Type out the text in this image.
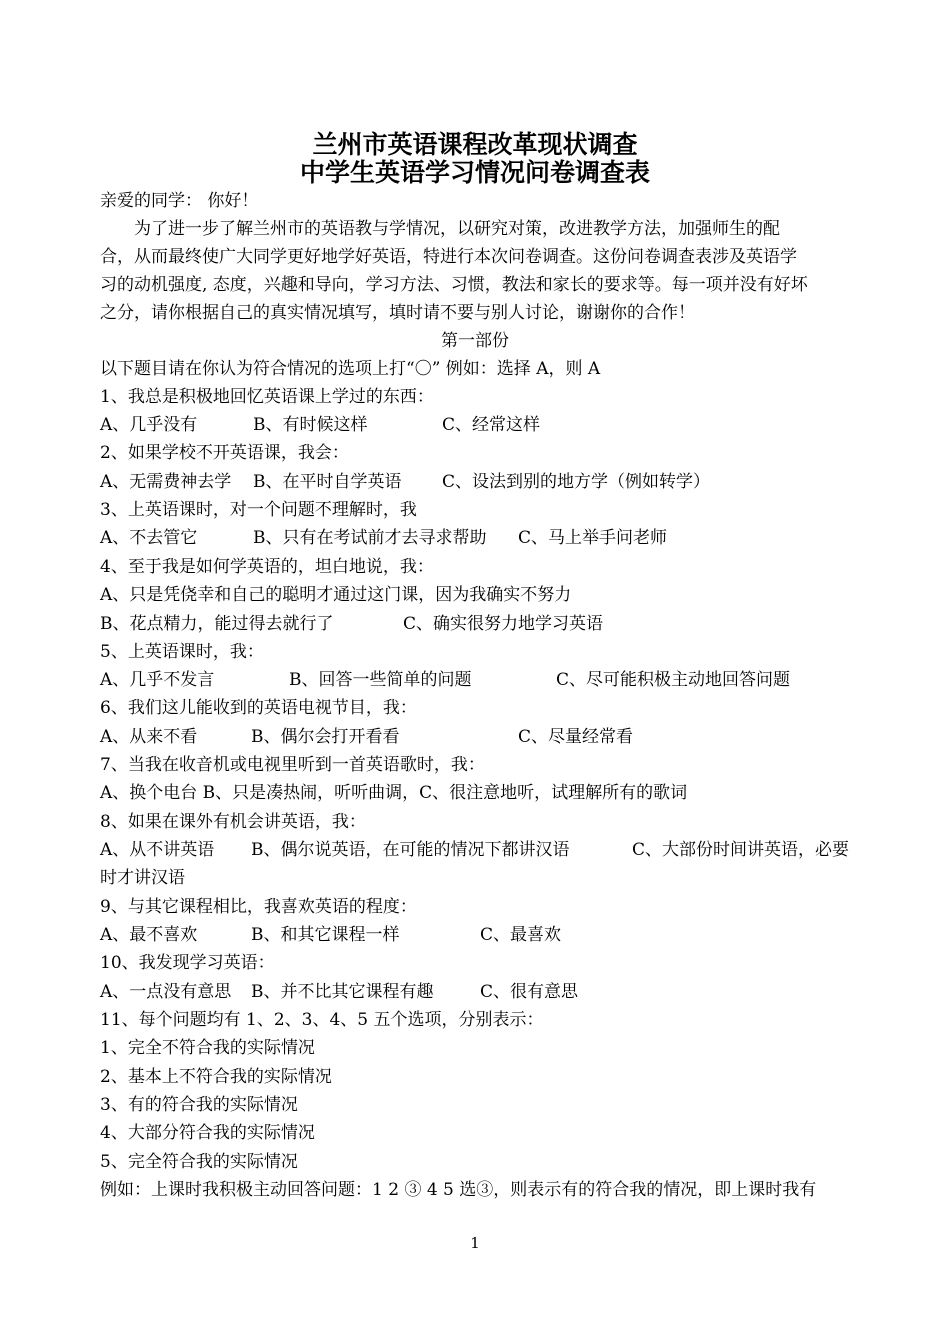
兰州市英语课程改革现状调查
中学生英语学习情况问卷调查表
亲爱的同学： 你好！
　　为了进一步了解兰州市的英语教与学情况，以研究对策，改进教学方法，加强师生的配
合，从而最终使广大同学更好地学好英语，特进行本次问卷调查。这份问卷调查表涉及英语学
习的动机强度, 态度，兴趣和导向，学习方法、习惯，教法和家长的要求等。每一项并没有好坏
之分，请你根据自己的真实情况填写，填时请不要与别人讨论，谢谢你的合作！
第一部份
以下题目请在你认为符合情况的选项上打“〇” 例如：选择 A，则 A
1、我总是积极地回忆英语课上学过的东西：
A、几乎没有	B、有时候这样	C、经常这样
2、如果学校不开英语课，我会：
A、无需费神去学 B、在平时自学英语 C、设法到别的地方学（例如转学）
3、上英语课时，对一个问题不理解时，我
A、不去管它	B、只有在考试前才去寻求帮助 C、马上举手问老师
4、至于我是如何学英语的，坦白地说，我：
A、只是凭侥幸和自己的聪明才通过这门课，因为我确实不努力
B、花点精力，能过得去就行了	C、确实很努力地学习英语
5、上英语课时，我：
A、几乎不发言	B、回答一些简单的问题	C、尽可能积极主动地回答问题
6、我们这儿能收到的英语电视节目，我：
A、从来不看	B、偶尔会打开看看	C、尽量经常看
7、当我在收音机或电视里听到一首英语歌时，我：
A、换个电台 B、只是凑热闹，听听曲调，C、很注意地听，试理解所有的歌词
8、如果在课外有机会讲英语，我：
A、从不讲英语 B、偶尔说英语，在可能的情况下都讲汉语	C、大部份时间讲英语，必要
时才讲汉语
9、与其它课程相比，我喜欢英语的程度：
A、最不喜欢	B、和其它课程一样	C、最喜欢
10、我发现学习英语：
A、一点没有意思 B、并不比其它课程有趣	C、很有意思
11、每个问题均有 1、2、3、4、5 五个选项，分别表示：
1、完全不符合我的实际情况
2、基本上不符合我的实际情况
3、有的符合我的实际情况
4、大部分符合我的实际情况
5、完全符合我的实际情况
例如：上课时我积极主动回答问题：1 2 ③ 4 5 选③，则表示有的符合我的情况，即上课时我有
1
